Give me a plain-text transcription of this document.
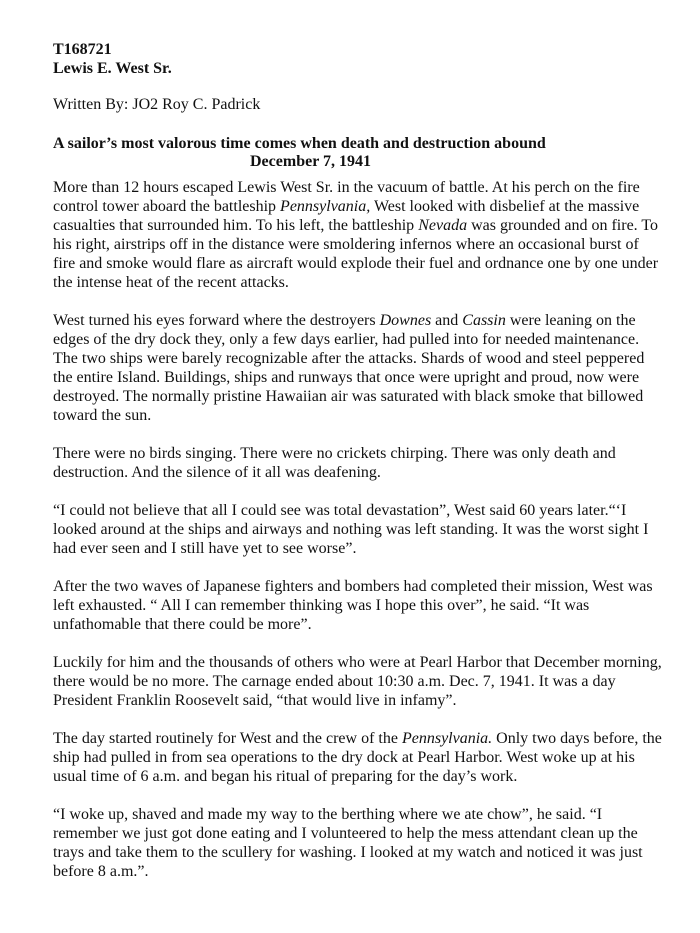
T168721

Lewis E. West Sr.

Written By: JO2 Roy C. Padrick

A sailor’s most valorous time comes when death and destruction abound

December 7, 1941

More than 12 hours escaped Lewis West Sr. in the vacuum of battle. At his perch on the fire control tower aboard the battleship Pennsylvania, West looked with disbelief at the massive casualties that surrounded him. To his left, the battleship Nevada was grounded and on fire. To his right, airstrips off in the distance were smoldering infernos where an occasional burst of fire and smoke would flare as aircraft would explode their fuel and ordnance one by one under the intense heat of the recent attacks.

West turned his eyes forward where the destroyers Downes and Cassin were leaning on the edges of the dry dock they, only a few days earlier, had pulled into for needed maintenance. The two ships were barely recognizable after the attacks. Shards of wood and steel peppered the entire Island. Buildings, ships and runways that once were upright and proud, now were destroyed. The normally pristine Hawaiian air was saturated with black smoke that billowed toward the sun.

There were no birds singing. There were no crickets chirping. There was only death and destruction. And the silence of it all was deafening.

“I could not believe that all I could see was total devastation”, West said 60 years later.“‘I looked around at the ships and airways and nothing was left standing. It was the worst sight I had ever seen and I still have yet to see worse”.

After the two waves of Japanese fighters and bombers had completed their mission, West was left exhausted. “ All I can remember thinking was I hope this over”, he said. “It was unfathomable that there could be more”.

Luckily for him and the thousands of others who were at Pearl Harbor that December morning, there would be no more. The carnage ended about 10:30 a.m. Dec. 7, 1941. It was a day President Franklin Roosevelt said, “that would live in infamy”.

The day started routinely for West and the crew of the Pennsylvania. Only two days before, the ship had pulled in from sea operations to the dry dock at Pearl Harbor. West woke up at his usual time of 6 a.m. and began his ritual of preparing for the day’s work.

“I woke up, shaved and made my way to the berthing where we ate chow”, he said. “I remember we just got done eating and I volunteered to help the mess attendant clean up the trays and take them to the scullery for washing. I looked at my watch and noticed it was just before 8 a.m.”.
